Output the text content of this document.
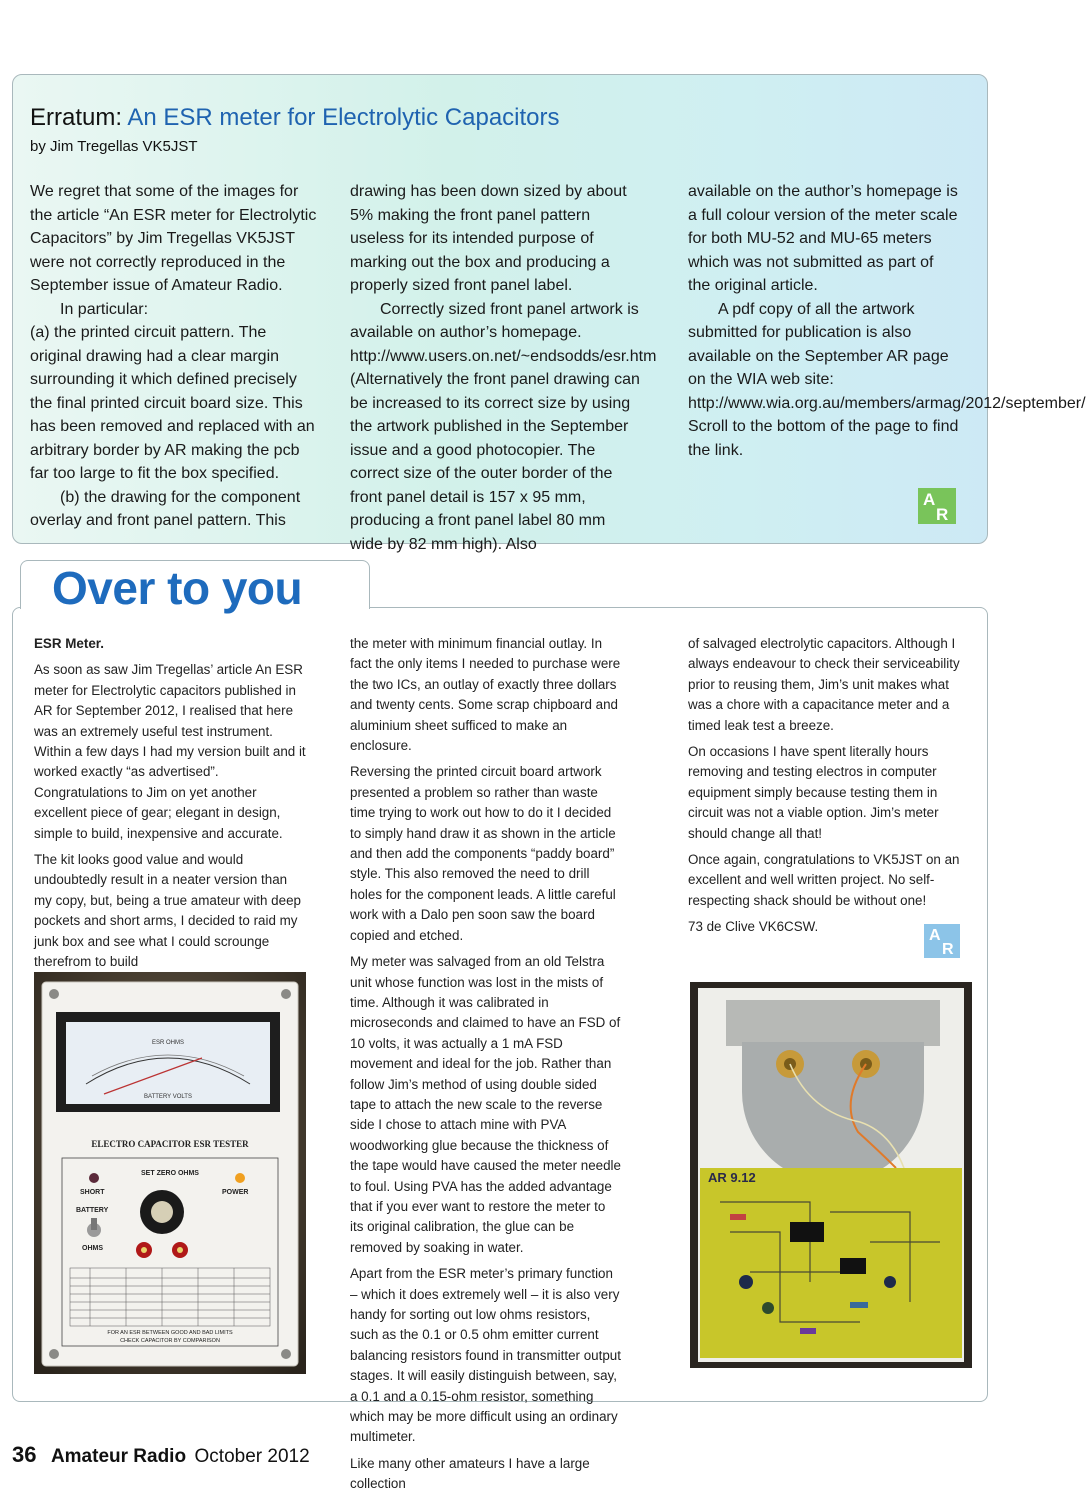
Erratum: An ESR meter for Electrolytic Capacitors
by Jim Tregellas VK5JST

We regret that some of the images for the article “An ESR meter for Electrolytic Capacitors” by Jim Tregellas VK5JST were not correctly reproduced in the September issue of Amateur Radio.

In particular:

(a) the printed circuit pattern. The original drawing had a clear margin surrounding it which defined precisely the final printed circuit board size. This has been removed and replaced with an arbitrary border by AR making the pcb far too large to fit the box specified.

(b) the drawing for the component overlay and front panel pattern. This

drawing has been down sized by about 5% making the front panel pattern useless for its intended purpose of marking out the box and producing a properly sized front panel label.

Correctly sized front panel artwork is available on author’s homepage. http://www.users.on.net/~endsodds/esr.htm (Alternatively the front panel drawing can be increased to its correct size by using the artwork published in the September issue and a good photocopier. The correct size of the outer border of the front panel detail is 157 x 95 mm, producing a front panel label 80 mm wide by 82 mm high). Also

available on the author’s homepage is a full colour version of the meter scale for both MU-52 and MU-65 meters which was not submitted as part of the original article.

A pdf copy of all the artwork submitted for publication is also available on the September AR page on the WIA web site: http://www.wia.org.au/members/armag/2012/september/

Scroll to the bottom of the page to find the link.

A
R
Over to you

ESR Meter.

As soon as saw Jim Tregellas’ article An ESR meter for Electrolytic capacitors published in AR for September 2012, I realised that here was an extremely useful test instrument. Within a few days I had my version built and it worked exactly “as advertised”. Congratulations to Jim on yet another excellent piece of gear; elegant in design, simple to build, inexpensive and accurate.

The kit looks good value and would undoubtedly result in a neater version than my copy, but, being a true amateur with deep pockets and short arms, I decided to raid my junk box and see what I could scrounge therefrom to build

the meter with minimum financial outlay. In fact the only items I needed to purchase were the two ICs, an outlay of exactly three dollars and twenty cents. Some scrap chipboard and aluminium sheet sufficed to make an enclosure.

Reversing the printed circuit board artwork presented a problem so rather than waste time trying to work out how to do it I decided to simply hand draw it as shown in the article and then add the components “paddy board” style. This also removed the need to drill holes for the component leads. A little careful work with a Dalo pen soon saw the board copied and etched.

My meter was salvaged from an old Telstra unit whose function was lost in the mists of time. Although it was calibrated in microseconds and claimed to have an FSD of 10 volts, it was actually a 1 mA FSD movement and ideal for the job. Rather than follow Jim’s method of using double sided tape to attach the new scale to the reverse side I chose to attach mine with PVA woodworking glue because the thickness of the tape would have caused the meter needle to foul. Using PVA has the added advantage that if you ever want to restore the meter to its original calibration, the glue can be removed by soaking in water.

Apart from the ESR meter’s primary function – which it does extremely well – it is also very handy for sorting out low ohms resistors, such as the 0.1 or 0.5 ohm emitter current balancing resistors found in transmitter output stages. It will easily distinguish between, say, a 0.1 and a 0.15-ohm resistor, something which may be more difficult using an ordinary multimeter.

Like many other amateurs I have a large collection

of salvaged electrolytic capacitors. Although I always endeavour to check their serviceability prior to reusing them, Jim’s unit makes what was a chore with a capacitance meter and a timed leak test a breeze.

On occasions I have spent literally hours removing and testing electros in computer equipment simply because testing them in circuit was not a viable option. Jim’s meter should change all that!

Once again, congratulations to VK5JST on an excellent and well written project. No self-respecting shack should be without one!

73 de Clive VK6CSW.

A
R
ESR OHMS
BATTERY VOLTS
ELECTRO CAPACITOR ESR TESTER
SET ZERO OHMS
SHORT	POWER
BATTERY
OHMS
FOR AN ESR BETWEEN GOOD AND BAD LIMITS
CHECK CAPACITOR BY COMPARISON
AR 9.12
36 Amateur Radio October 2012
